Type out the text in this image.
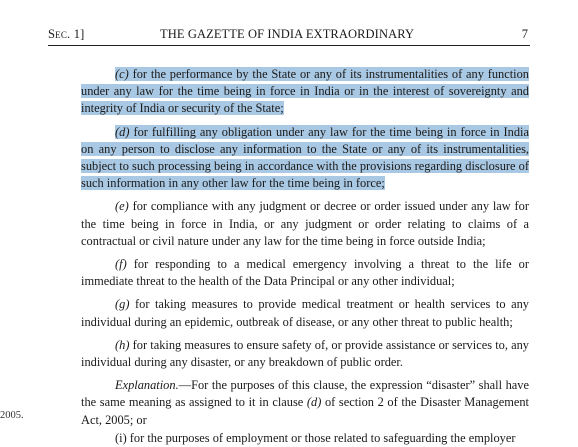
Sec. 1]	THE GAZETTE OF INDIA EXTRAORDINARY	7

(c) for the performance by the State or any of its instrumentalities of any function under any law for the time being in force in India or in the interest of sovereignty and integrity of India or security of the State;

(d) for fulfilling any obligation under any law for the time being in force in India on any person to disclose any information to the State or any of its instrumentalities, subject to such processing being in accordance with the provisions regarding disclosure of such information in any other law for the time being in force;

(e) for compliance with any judgment or decree or order issued under any law for the time being in force in India, or any judgment or order relating to claims of a contractual or civil nature under any law for the time being in force outside India;

(f) for responding to a medical emergency involving a threat to the life or immediate threat to the health of the Data Principal or any other individual;

(g) for taking measures to provide medical treatment or health services to any individual during an epidemic, outbreak of disease, or any other threat to public health;

(h) for taking measures to ensure safety of, or provide assistance or services to, any individual during any disaster, or any breakdown of public order.

Explanation.—For the purposes of this clause, the expression “disaster” shall have the same meaning as assigned to it in clause (d) of section 2 of the Disaster Management Act, 2005; or

2005.
(i) for the purposes of employment or those related to safeguarding the employer
